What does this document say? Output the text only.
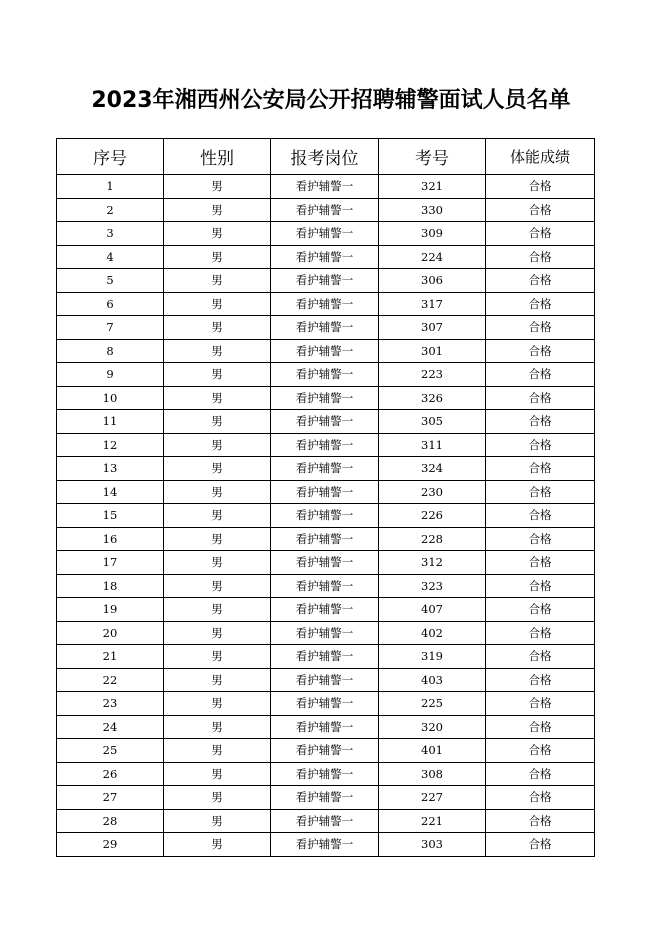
2023年湘西州公安局公开招聘辅警面试人员名单
序号	性别	报考岗位	考号	体能成绩
1	男	看护辅警一	321	合格
2	男	看护辅警一	330	合格
3	男	看护辅警一	309	合格
4	男	看护辅警一	224	合格
5	男	看护辅警一	306	合格
6	男	看护辅警一	317	合格
7	男	看护辅警一	307	合格
8	男	看护辅警一	301	合格
9	男	看护辅警一	223	合格
10	男	看护辅警一	326	合格
11	男	看护辅警一	305	合格
12	男	看护辅警一	311	合格
13	男	看护辅警一	324	合格
14	男	看护辅警一	230	合格
15	男	看护辅警一	226	合格
16	男	看护辅警一	228	合格
17	男	看护辅警一	312	合格
18	男	看护辅警一	323	合格
19	男	看护辅警一	407	合格
20	男	看护辅警一	402	合格
21	男	看护辅警一	319	合格
22	男	看护辅警一	403	合格
23	男	看护辅警一	225	合格
24	男	看护辅警一	320	合格
25	男	看护辅警一	401	合格
26	男	看护辅警一	308	合格
27	男	看护辅警一	227	合格
28	男	看护辅警一	221	合格
29	男	看护辅警一	303	合格
